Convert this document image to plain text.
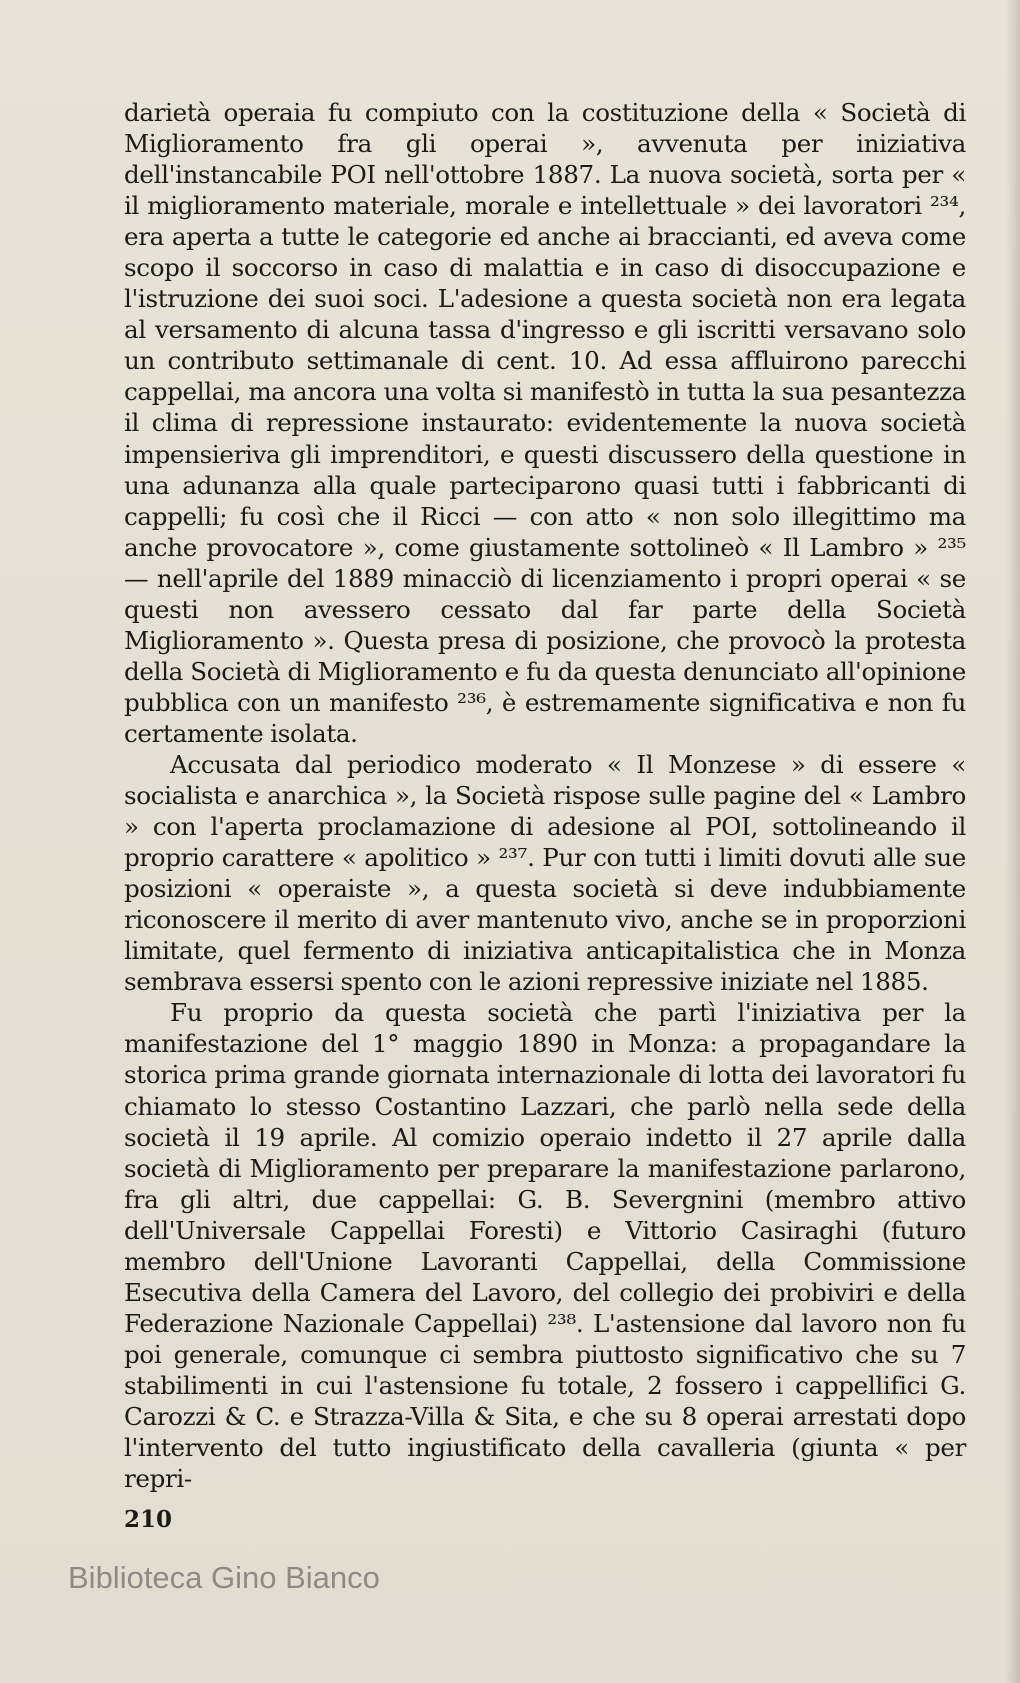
darietà operaia fu compiuto con la costituzione della « Società di Miglioramento fra gli operai », avvenuta per iniziativa dell'instancabile POI nell'ottobre 1887. La nuova società, sorta per « il miglioramento materiale, morale e intellettuale » dei lavoratori ²³⁴, era aperta a tutte le categorie ed anche ai braccianti, ed aveva come scopo il soccorso in caso di malattia e in caso di disoccupazione e l'istruzione dei suoi soci. L'adesione a questa società non era legata al versamento di alcuna tassa d'ingresso e gli iscritti versavano solo un contributo settimanale di cent. 10. Ad essa affluirono parecchi cappellai, ma ancora una volta si manifestò in tutta la sua pesantezza il clima di repressione instaurato: evidentemente la nuova società impensieriva gli imprenditori, e questi discussero della questione in una adunanza alla quale parteciparono quasi tutti i fabbricanti di cappelli; fu così che il Ricci — con atto « non solo illegittimo ma anche provocatore », come giustamente sottolineò « Il Lambro » ²³⁵ — nell'aprile del 1889 minacciò di licenziamento i propri operai « se questi non avessero cessato dal far parte della Società Miglioramento ». Questa presa di posizione, che provocò la protesta della Società di Miglioramento e fu da questa denunciato all'opinione pubblica con un manifesto ²³⁶, è estremamente significativa e non fu certamente isolata.

Accusata dal periodico moderato « Il Monzese » di essere « socialista e anarchica », la Società rispose sulle pagine del « Lambro » con l'aperta proclamazione di adesione al POI, sottolineando il proprio carattere « apolitico » ²³⁷. Pur con tutti i limiti dovuti alle sue posizioni « operaiste », a questa società si deve indubbiamente riconoscere il merito di aver mantenuto vivo, anche se in proporzioni limitate, quel fermento di iniziativa anticapitalistica che in Monza sembrava essersi spento con le azioni repressive iniziate nel 1885.

Fu proprio da questa società che partì l'iniziativa per la manifestazione del 1° maggio 1890 in Monza: a propagandare la storica prima grande giornata internazionale di lotta dei lavoratori fu chiamato lo stesso Costantino Lazzari, che parlò nella sede della società il 19 aprile. Al comizio operaio indetto il 27 aprile dalla società di Miglioramento per preparare la manifestazione parlarono, fra gli altri, due cappellai: G. B. Severgnini (membro attivo dell'Universale Cappellai Foresti) e Vittorio Casiraghi (futuro membro dell'Unione Lavoranti Cappellai, della Commissione Esecutiva della Camera del Lavoro, del collegio dei probiviri e della Federazione Nazionale Cappellai) ²³⁸. L'astensione dal lavoro non fu poi generale, comunque ci sembra piuttosto significativo che su 7 stabilimenti in cui l'astensione fu totale, 2 fossero i cappellifici G. Carozzi & C. e Strazza-Villa & Sita, e che su 8 operai arrestati dopo l'intervento del tutto ingiustificato della cavalleria (giunta « per repri-

210
Biblioteca Gino Bianco
